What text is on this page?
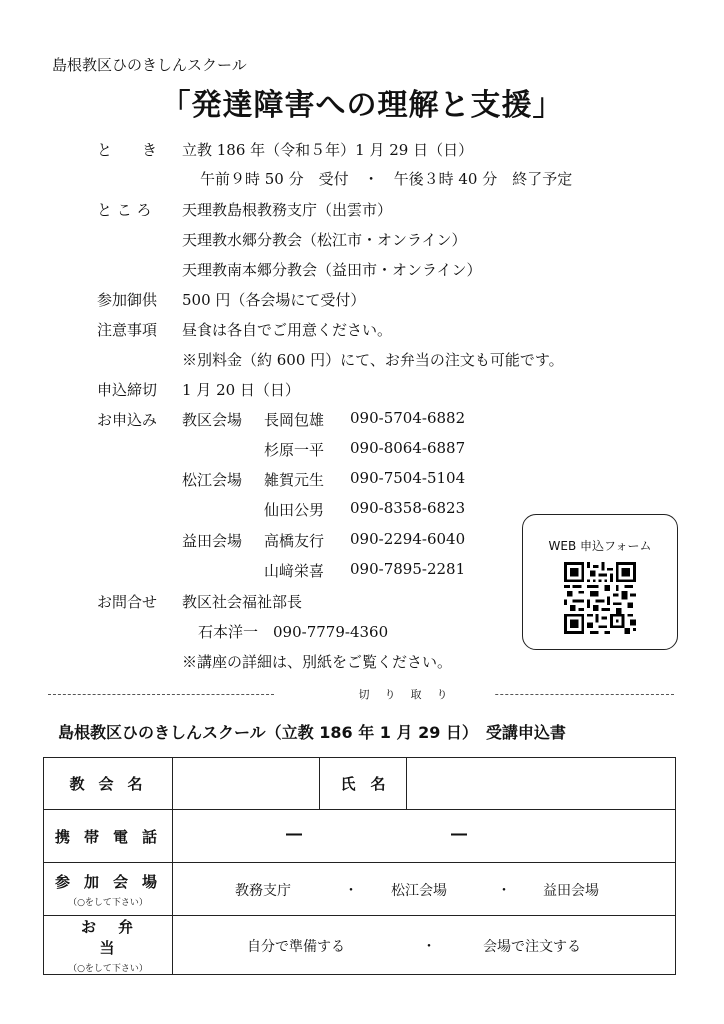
島根教区ひのきしんスクール
「発達障害への理解と支援」
と　　き 立教 186 年（令和５年）1 月 29 日（日）
午前９時 50 分　受付　・　午後３時 40 分　終了予定
と こ ろ 天理教島根教務支庁（出雲市）
天理教水郷分教会（松江市・オンライン）
天理教南本郷分教会（益田市・オンライン）
参加御供 500 円（各会場にて受付）
注意事項 昼食は各自でご用意ください。
※別料金（約 600 円）にて、お弁当の注文も可能です。
申込締切 1 月 20 日（日）
お申込み 教区会場 長岡包雄 090-5704-6882
杉原一平 090-8064-6887
松江会場 雑賀元生 090-7504-5104
仙田公男 090-8358-6823
益田会場 高橋友行 090-2294-6040
山﨑栄喜 090-7895-2281
お問合せ 教区社会福祉部長
石本洋一　090-7779-4360
※講座の詳細は、別紙をご覧ください。
WEB 申込フォーム
切　り　取　り
島根教区ひのきしんスクール（立教 186 年 1 月 29 日）　受講申込書
教会名		氏　名	

携帯電話	― ―		

参加会場
（○をして下さい）	教務支庁 ・ 松江会場 ・ 益田会場		

お弁当
（○をして下さい）	自分で準備する ・ 会場で注文する		
